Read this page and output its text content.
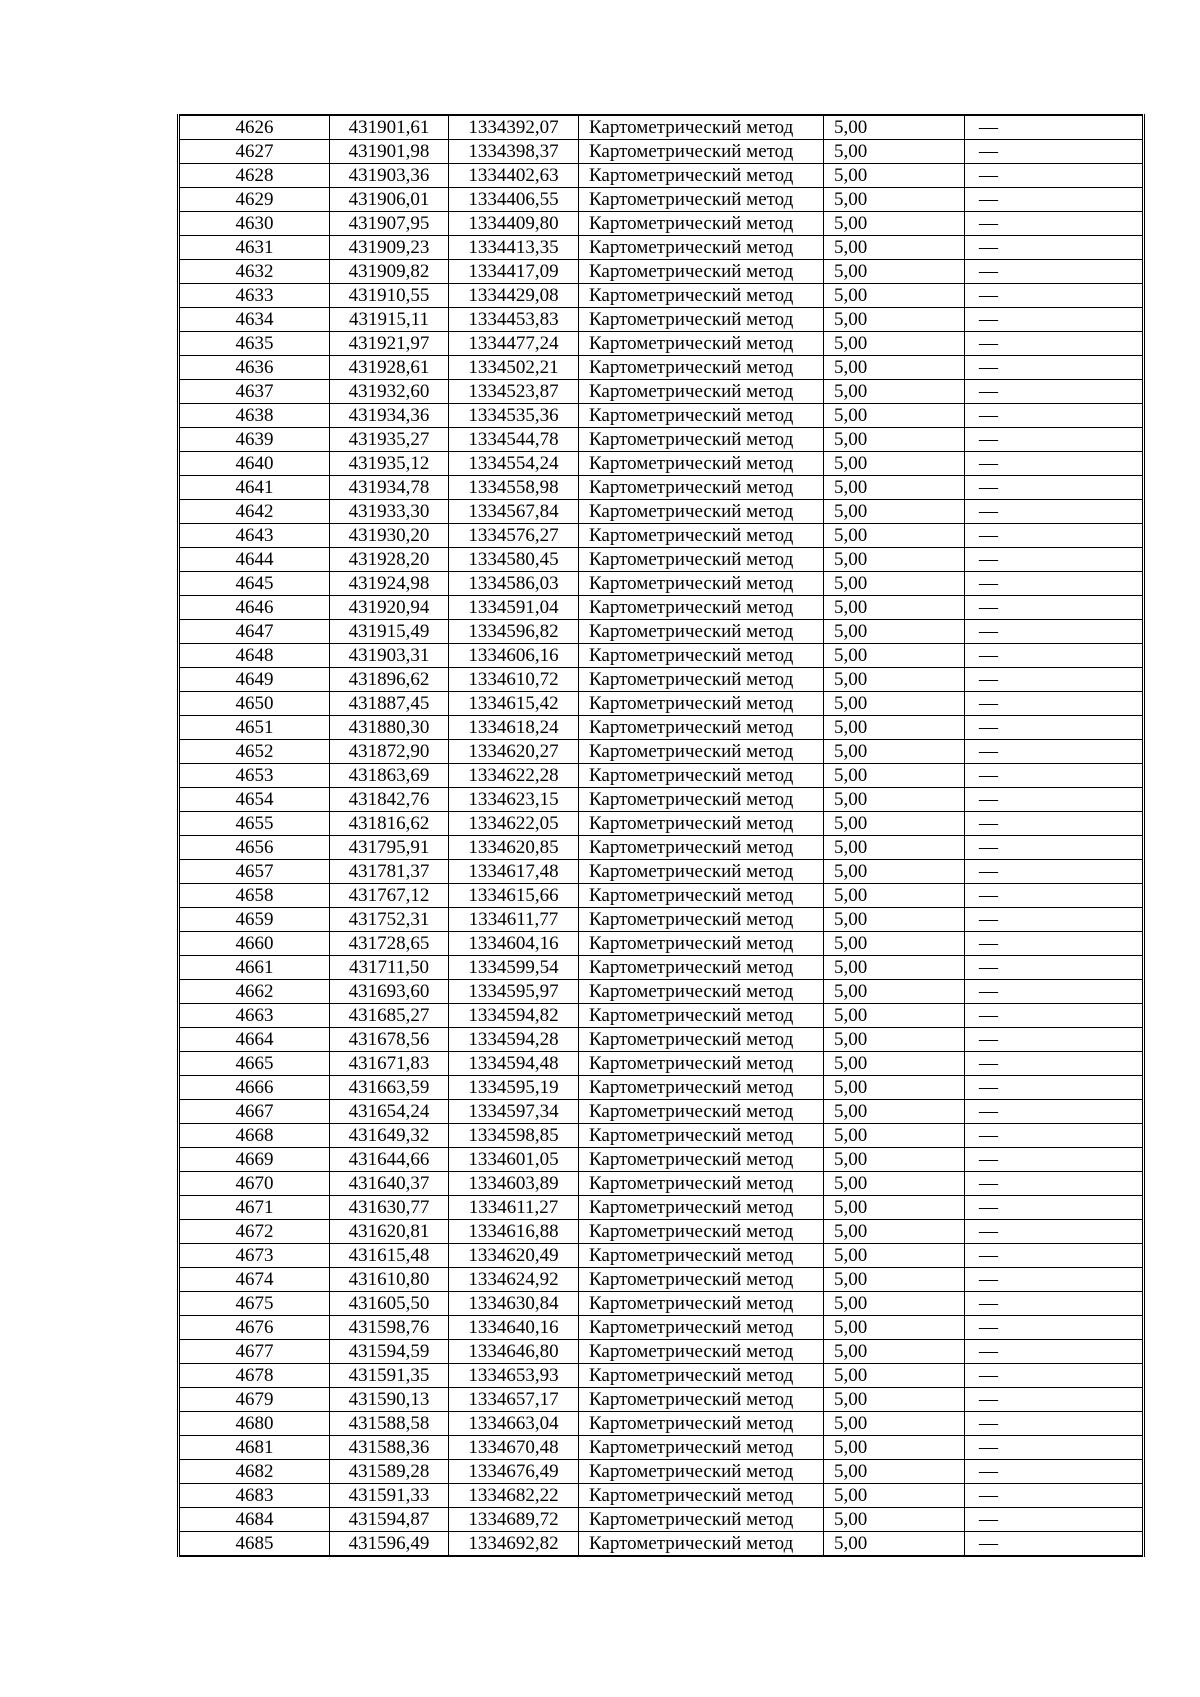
4626	431901,61	1334392,07	Картометрический метод	5,00	—
4627	431901,98	1334398,37	Картометрический метод	5,00	—
4628	431903,36	1334402,63	Картометрический метод	5,00	—
4629	431906,01	1334406,55	Картометрический метод	5,00	—
4630	431907,95	1334409,80	Картометрический метод	5,00	—
4631	431909,23	1334413,35	Картометрический метод	5,00	—
4632	431909,82	1334417,09	Картометрический метод	5,00	—
4633	431910,55	1334429,08	Картометрический метод	5,00	—
4634	431915,11	1334453,83	Картометрический метод	5,00	—
4635	431921,97	1334477,24	Картометрический метод	5,00	—
4636	431928,61	1334502,21	Картометрический метод	5,00	—
4637	431932,60	1334523,87	Картометрический метод	5,00	—
4638	431934,36	1334535,36	Картометрический метод	5,00	—
4639	431935,27	1334544,78	Картометрический метод	5,00	—
4640	431935,12	1334554,24	Картометрический метод	5,00	—
4641	431934,78	1334558,98	Картометрический метод	5,00	—
4642	431933,30	1334567,84	Картометрический метод	5,00	—
4643	431930,20	1334576,27	Картометрический метод	5,00	—
4644	431928,20	1334580,45	Картометрический метод	5,00	—
4645	431924,98	1334586,03	Картометрический метод	5,00	—
4646	431920,94	1334591,04	Картометрический метод	5,00	—
4647	431915,49	1334596,82	Картометрический метод	5,00	—
4648	431903,31	1334606,16	Картометрический метод	5,00	—
4649	431896,62	1334610,72	Картометрический метод	5,00	—
4650	431887,45	1334615,42	Картометрический метод	5,00	—
4651	431880,30	1334618,24	Картометрический метод	5,00	—
4652	431872,90	1334620,27	Картометрический метод	5,00	—
4653	431863,69	1334622,28	Картометрический метод	5,00	—
4654	431842,76	1334623,15	Картометрический метод	5,00	—
4655	431816,62	1334622,05	Картометрический метод	5,00	—
4656	431795,91	1334620,85	Картометрический метод	5,00	—
4657	431781,37	1334617,48	Картометрический метод	5,00	—
4658	431767,12	1334615,66	Картометрический метод	5,00	—
4659	431752,31	1334611,77	Картометрический метод	5,00	—
4660	431728,65	1334604,16	Картометрический метод	5,00	—
4661	431711,50	1334599,54	Картометрический метод	5,00	—
4662	431693,60	1334595,97	Картометрический метод	5,00	—
4663	431685,27	1334594,82	Картометрический метод	5,00	—
4664	431678,56	1334594,28	Картометрический метод	5,00	—
4665	431671,83	1334594,48	Картометрический метод	5,00	—
4666	431663,59	1334595,19	Картометрический метод	5,00	—
4667	431654,24	1334597,34	Картометрический метод	5,00	—
4668	431649,32	1334598,85	Картометрический метод	5,00	—
4669	431644,66	1334601,05	Картометрический метод	5,00	—
4670	431640,37	1334603,89	Картометрический метод	5,00	—
4671	431630,77	1334611,27	Картометрический метод	5,00	—
4672	431620,81	1334616,88	Картометрический метод	5,00	—
4673	431615,48	1334620,49	Картометрический метод	5,00	—
4674	431610,80	1334624,92	Картометрический метод	5,00	—
4675	431605,50	1334630,84	Картометрический метод	5,00	—
4676	431598,76	1334640,16	Картометрический метод	5,00	—
4677	431594,59	1334646,80	Картометрический метод	5,00	—
4678	431591,35	1334653,93	Картометрический метод	5,00	—
4679	431590,13	1334657,17	Картометрический метод	5,00	—
4680	431588,58	1334663,04	Картометрический метод	5,00	—
4681	431588,36	1334670,48	Картометрический метод	5,00	—
4682	431589,28	1334676,49	Картометрический метод	5,00	—
4683	431591,33	1334682,22	Картометрический метод	5,00	—
4684	431594,87	1334689,72	Картометрический метод	5,00	—
4685	431596,49	1334692,82	Картометрический метод	5,00	—
